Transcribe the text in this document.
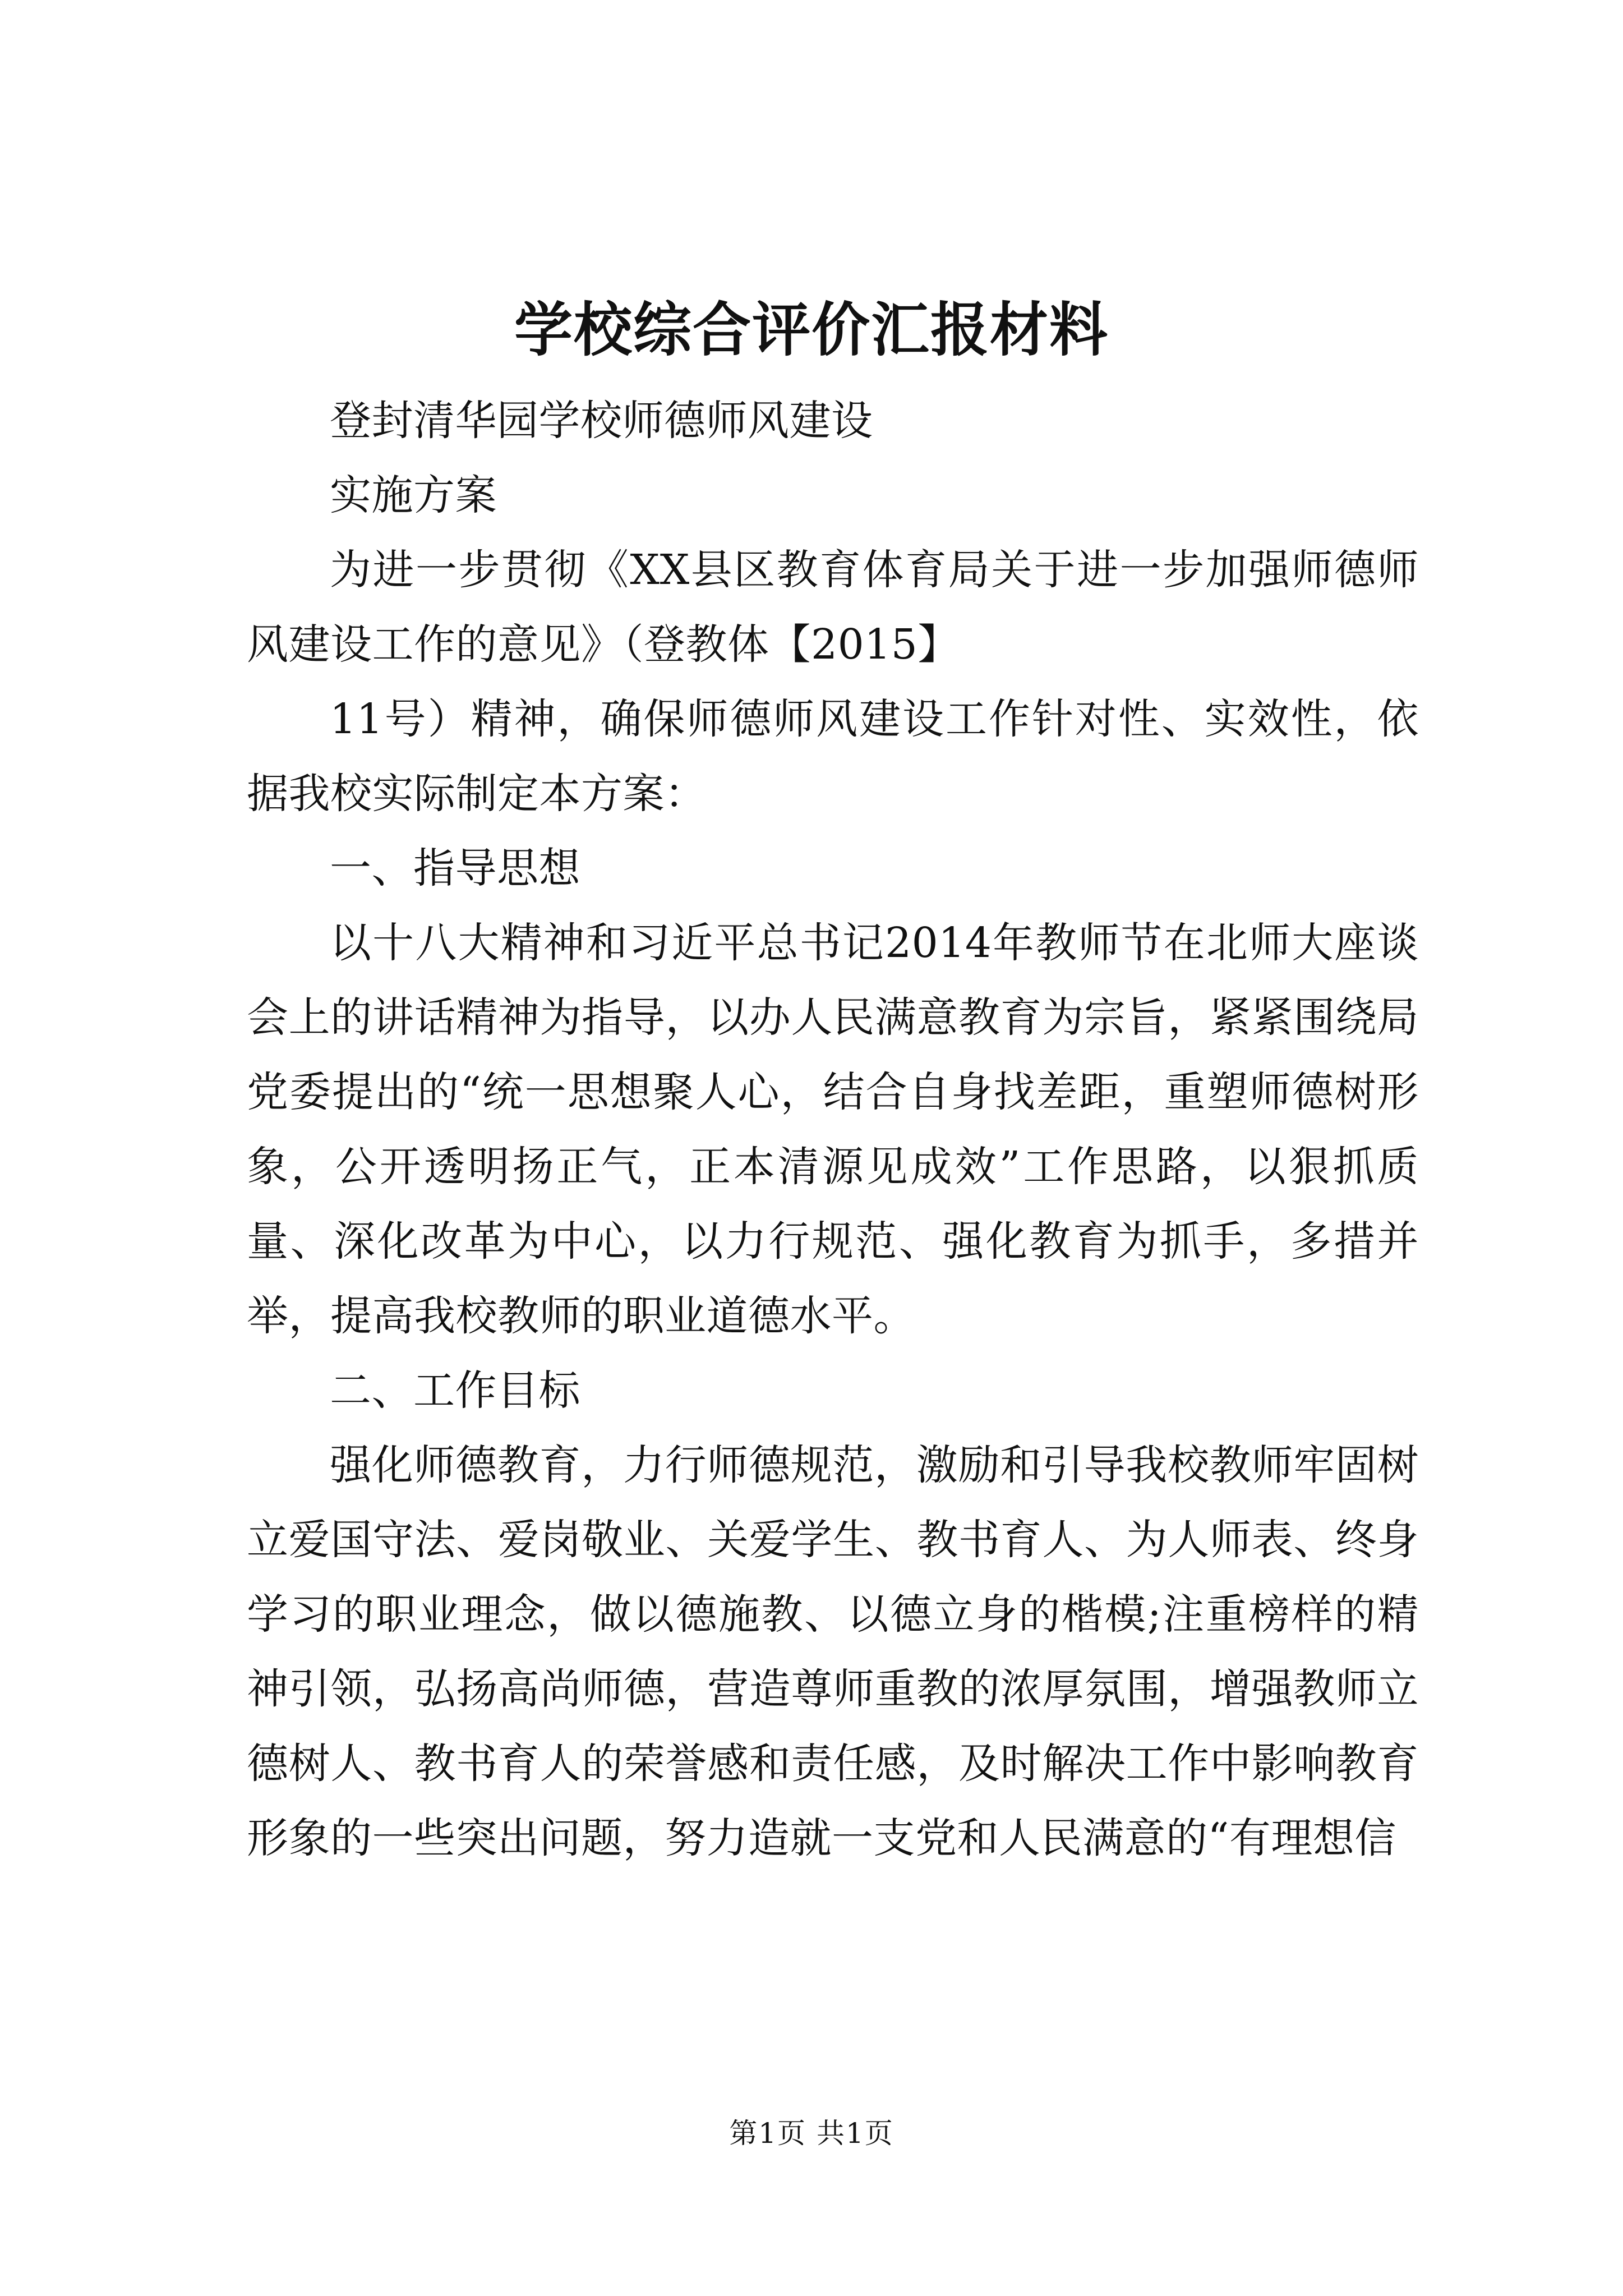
学校综合评价汇报材料

登封清华园学校师德师风建设

实施方案

为进一步贯彻《XX县区教育体育局关于进一步加强师德师风建设工作的意见》（登教体【2015】

11号）精神，确保师德师风建设工作针对性、实效性，依据我校实际制定本方案：

一、指导思想

以十八大精神和习近平总书记2014年教师节在北师大座谈会上的讲话精神为指导，以办人民满意教育为宗旨，紧紧围绕局党委提出的“统一思想聚人心，结合自身找差距，重塑师德树形象，公开透明扬正气，正本清源见成效”工作思路，以狠抓质量、深化改革为中心，以力行规范、强化教育为抓手，多措并举，提高我校教师的职业道德水平。

二、工作目标

强化师德教育，力行师德规范，激励和引导我校教师牢固树立爱国守法、爱岗敬业、关爱学生、教书育人、为人师表、终身学习的职业理念，做以德施教、以德立身的楷模;注重榜样的精神引领，弘扬高尚师德，营造尊师重教的浓厚氛围，增强教师立德树人、教书育人的荣誉感和责任感，及时解决工作中影响教育形象的一些突出问题，努力造就一支党和人民满意的“有理想信

第1页 共1页
